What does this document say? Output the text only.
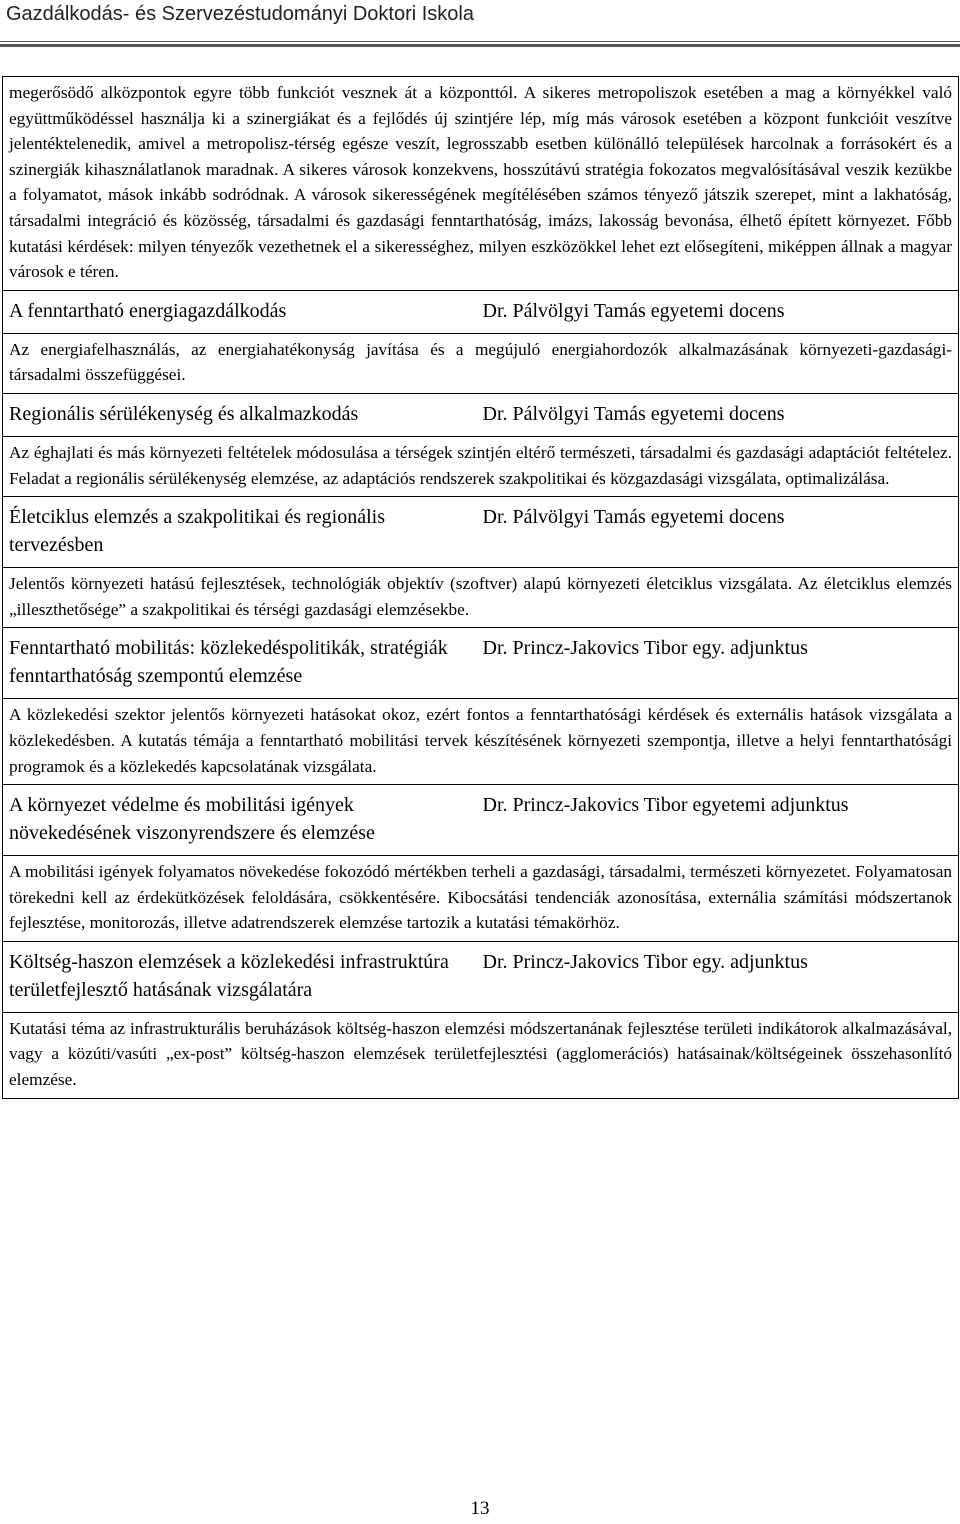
Gazdálkodás- és Szervezéstudományi Doktori Iskola
megerősödő alközpontok egyre több funkciót vesznek át a központtól. A sikeres metropoliszok esetében a mag a környékkel való együttműködéssel használja ki a szinergiákat és a fejlődés új szintjére lép, míg más városok esetében a központ funkcióit veszítve jelentéktelenedik, amivel a metropolisz-térség egésze veszít, legrosszabb esetben különálló települések harcolnak a forrásokért és a szinergiák kihasználatlanok maradnak. A sikeres városok konzekvens, hosszútávú stratégia fokozatos megvalósításával veszik kezükbe a folyamatot, mások inkább sodródnak. A városok sikerességének megítélésében számos tényező játszik szerepet, mint a lakhatóság, társadalmi integráció és közösség, társadalmi és gazdasági fenntarthatóság, imázs, lakosság bevonása, élhető épített környezet. Főbb kutatási kérdések: milyen tényezők vezethetnek el a sikerességhez, milyen eszközökkel lehet ezt elősegíteni, miképpen állnak a magyar városok e téren.	
A fenntartható energiagazdálkodás	Dr. Pálvölgyi Tamás egyetemi docens
Az energiafelhasználás, az energiahatékonyság javítása és a megújuló energiahordozók alkalmazásának környezeti-gazdasági-társadalmi összefüggései.	
Regionális sérülékenység és alkalmazkodás	Dr. Pálvölgyi Tamás egyetemi docens
Az éghajlati és más környezeti feltételek módosulása a térségek szintjén eltérő természeti, társadalmi és gazdasági adaptációt feltételez. Feladat a regionális sérülékenység elemzése, az adaptációs rendszerek szakpolitikai és közgazdasági vizsgálata, optimalizálása.	
Életciklus elemzés a szakpolitikai és regionális tervezésben	Dr. Pálvölgyi Tamás egyetemi docens
Jelentős környezeti hatású fejlesztések, technológiák objektív (szoftver) alapú környezeti életciklus vizsgálata. Az életciklus elemzés „illeszthetősége” a szakpolitikai és térségi gazdasági elemzésekbe.	
Fenntartható mobilitás: közlekedéspolitikák, stratégiák fenntarthatóság szempontú elemzése	Dr. Princz-Jakovics Tibor egy. adjunktus
A közlekedési szektor jelentős környezeti hatásokat okoz, ezért fontos a fenntarthatósági kérdések és externális hatások vizsgálata a közlekedésben. A kutatás témája a fenntartható mobilitási tervek készítésének környezeti szempontja, illetve a helyi fenntarthatósági programok és a közlekedés kapcsolatának vizsgálata.	
A környezet védelme és mobilitási igények növekedésének viszonyrendszere és elemzése	Dr. Princz-Jakovics Tibor egyetemi adjunktus
A mobilitási igények folyamatos növekedése fokozódó mértékben terheli a gazdasági, társadalmi, természeti környezetet. Folyamatosan törekedni kell az érdekütközések feloldására, csökkentésére. Kibocsátási tendenciák azonosítása, externália számítási módszertanok fejlesztése, monitorozás, illetve adatrendszerek elemzése tartozik a kutatási témakörhöz.	
Költség-haszon elemzések a közlekedési infrastruktúra területfejlesztő hatásának vizsgálatára	Dr. Princz-Jakovics Tibor egy. adjunktus
Kutatási téma az infrastrukturális beruházások költség-haszon elemzési módszertanának fejlesztése területi indikátorok alkalmazásával, vagy a közúti/vasúti „ex-post” költség-haszon elemzések területfejlesztési (agglomerációs) hatásainak/költségeinek összehasonlító elemzése.	
13
